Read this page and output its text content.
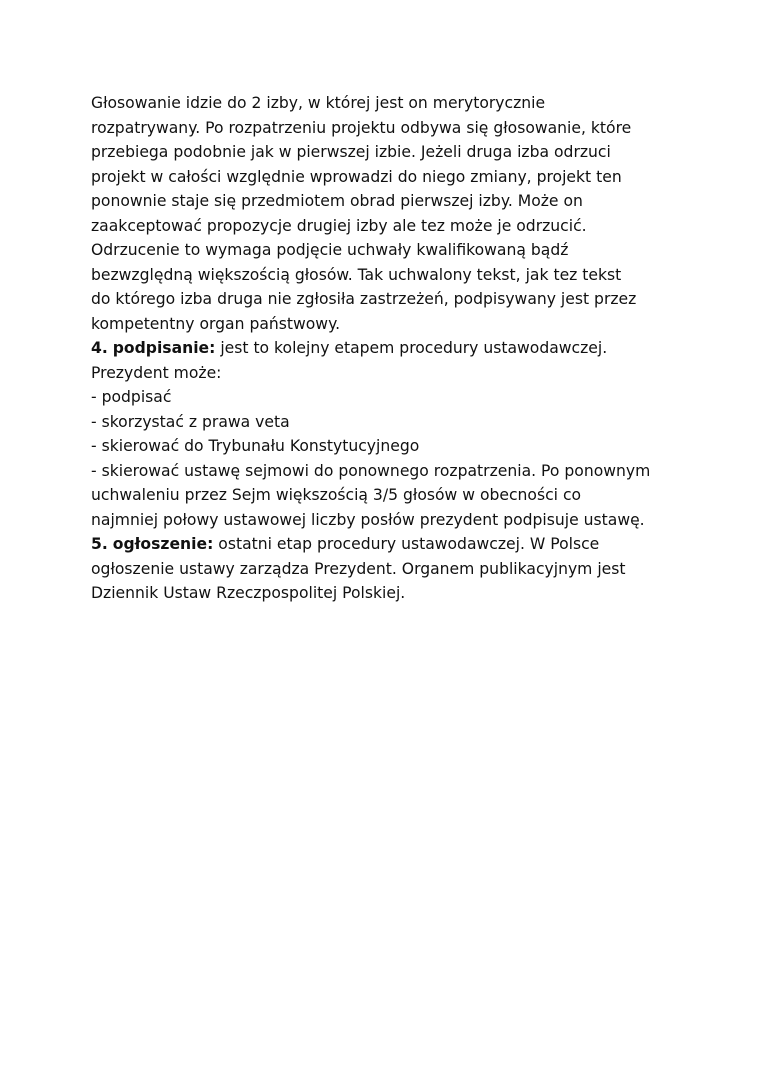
Głosowanie idzie do 2 izby, w której jest on merytorycznie
rozpatrywany. Po rozpatrzeniu projektu odbywa się głosowanie, które
przebiega podobnie jak w pierwszej izbie. Jeżeli druga izba odrzuci
projekt w całości względnie wprowadzi do niego zmiany, projekt ten
ponownie staje się przedmiotem obrad pierwszej izby. Może on
zaakceptować propozycje drugiej izby ale tez może je odrzucić.
Odrzucenie to wymaga podjęcie uchwały kwalifikowaną bądź
bezwzględną większością głosów. Tak uchwalony tekst, jak tez tekst
do którego izba druga nie zgłosiła zastrzeżeń, podpisywany jest przez
kompetentny organ państwowy.
4. podpisanie: jest to kolejny etapem procedury ustawodawczej.
Prezydent może:
- podpisać
- skorzystać z prawa veta
- skierować do Trybunału Konstytucyjnego
- skierować ustawę sejmowi do ponownego rozpatrzenia. Po ponownym
uchwaleniu przez Sejm większością 3/5 głosów w obecności co
najmniej połowy ustawowej liczby posłów prezydent podpisuje ustawę.
5. ogłoszenie: ostatni etap procedury ustawodawczej. W Polsce
ogłoszenie ustawy zarządza Prezydent. Organem publikacyjnym jest
Dziennik Ustaw Rzeczpospolitej Polskiej.
